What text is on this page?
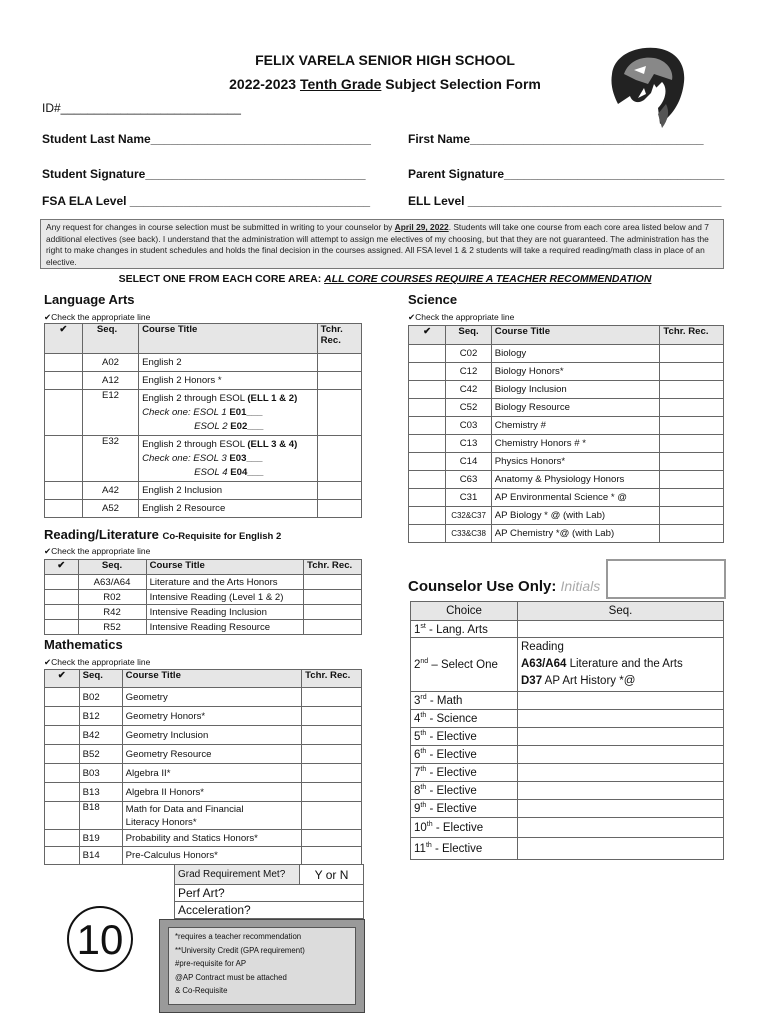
FELIX VARELA SENIOR HIGH SCHOOL
2022-2023 Tenth Grade Subject Selection Form
ID#___________________________
Student Last Name_________________________________	First Name___________________________________
Student Signature_________________________________	Parent Signature_________________________________
FSA ELA Level ____________________________________	ELL Level ______________________________________
Any request for changes in course selection must be submitted in writing to your counselor by April 29, 2022. Students will take one course from each core area listed below and 7 additional electives (see back). I understand that the administration will attempt to assign me electives of my choosing, but that they are not guaranteed. The administration has the right to make changes in student schedules and holds the final decision in the courses assigned. All FSA level 1 & 2 students will take a required reading/math class in place of an elective.
SELECT ONE FROM EACH CORE AREA: ALL CORE COURSES REQUIRE A TEACHER RECOMMENDATION
Language Arts
✔Check the appropriate line
✔	Seq.	Course Title	Tchr. Rec.
	A02	English 2	
	A12	English 2 Honors *	
	E12	English 2 through ESOL (ELL 1 & 2)
Check one: ESOL 1 E01___
ESOL 2 E02___	
	E32	English 2 through ESOL (ELL 3 & 4)
Check one: ESOL 3 E03___
ESOL 4 E04___	
	A42	English 2 Inclusion	
	A52	English 2 Resource	
Reading/Literature Co-Requisite for English 2
✔Check the appropriate line
✔	Seq.	Course Title	Tchr. Rec.
	A63/A64	Literature and the Arts Honors	
	R02	Intensive Reading (Level 1 & 2)	
	R42	Intensive Reading Inclusion	
	R52	Intensive Reading Resource	
Mathematics
✔Check the appropriate line
✔	Seq.	Course Title	Tchr. Rec.
	B02	Geometry	
	B12	Geometry Honors*	
	B42	Geometry Inclusion	
	B52	Geometry Resource	
	B03	Algebra II*	
	B13	Algebra II Honors*	
	B18	Math for Data and Financial
Literacy Honors*	
	B19	Probability and Statics Honors*	
	B14	Pre-Calculus Honors*	
Grad Requirement Met?	Y or N
Perf Art?
Acceleration?
10	*requires a teacher recommendation
**University Credit (GPA requirement)
#pre-requisite for AP
@AP Contract must be attached
& Co-Requisite
Science
✔Check the appropriate line
✔	Seq.	Course Title	Tchr. Rec.
	C02	Biology	
	C12	Biology Honors*	
	C42	Biology Inclusion	
	C52	Biology Resource	
	C03	Chemistry #	
	C13	Chemistry Honors # *	
	C14	Physics Honors*	
	C63	Anatomy & Physiology Honors	
	C31	AP Environmental Science * @	
	C32&C37	AP Biology * @ (with Lab)	
	C33&C38	AP Chemistry *@ (with Lab)	
Counselor Use Only: Initials
Choice	Seq.
1st - Lang. Arts	
2nd – Select One	Reading
A63/A64 Literature and the Arts
D37 AP Art History *@
3rd - Math	
4th - Science	
5th - Elective	
6th - Elective	
7th - Elective	
8th - Elective	
9th - Elective	
10th - Elective	
11th - Elective	
